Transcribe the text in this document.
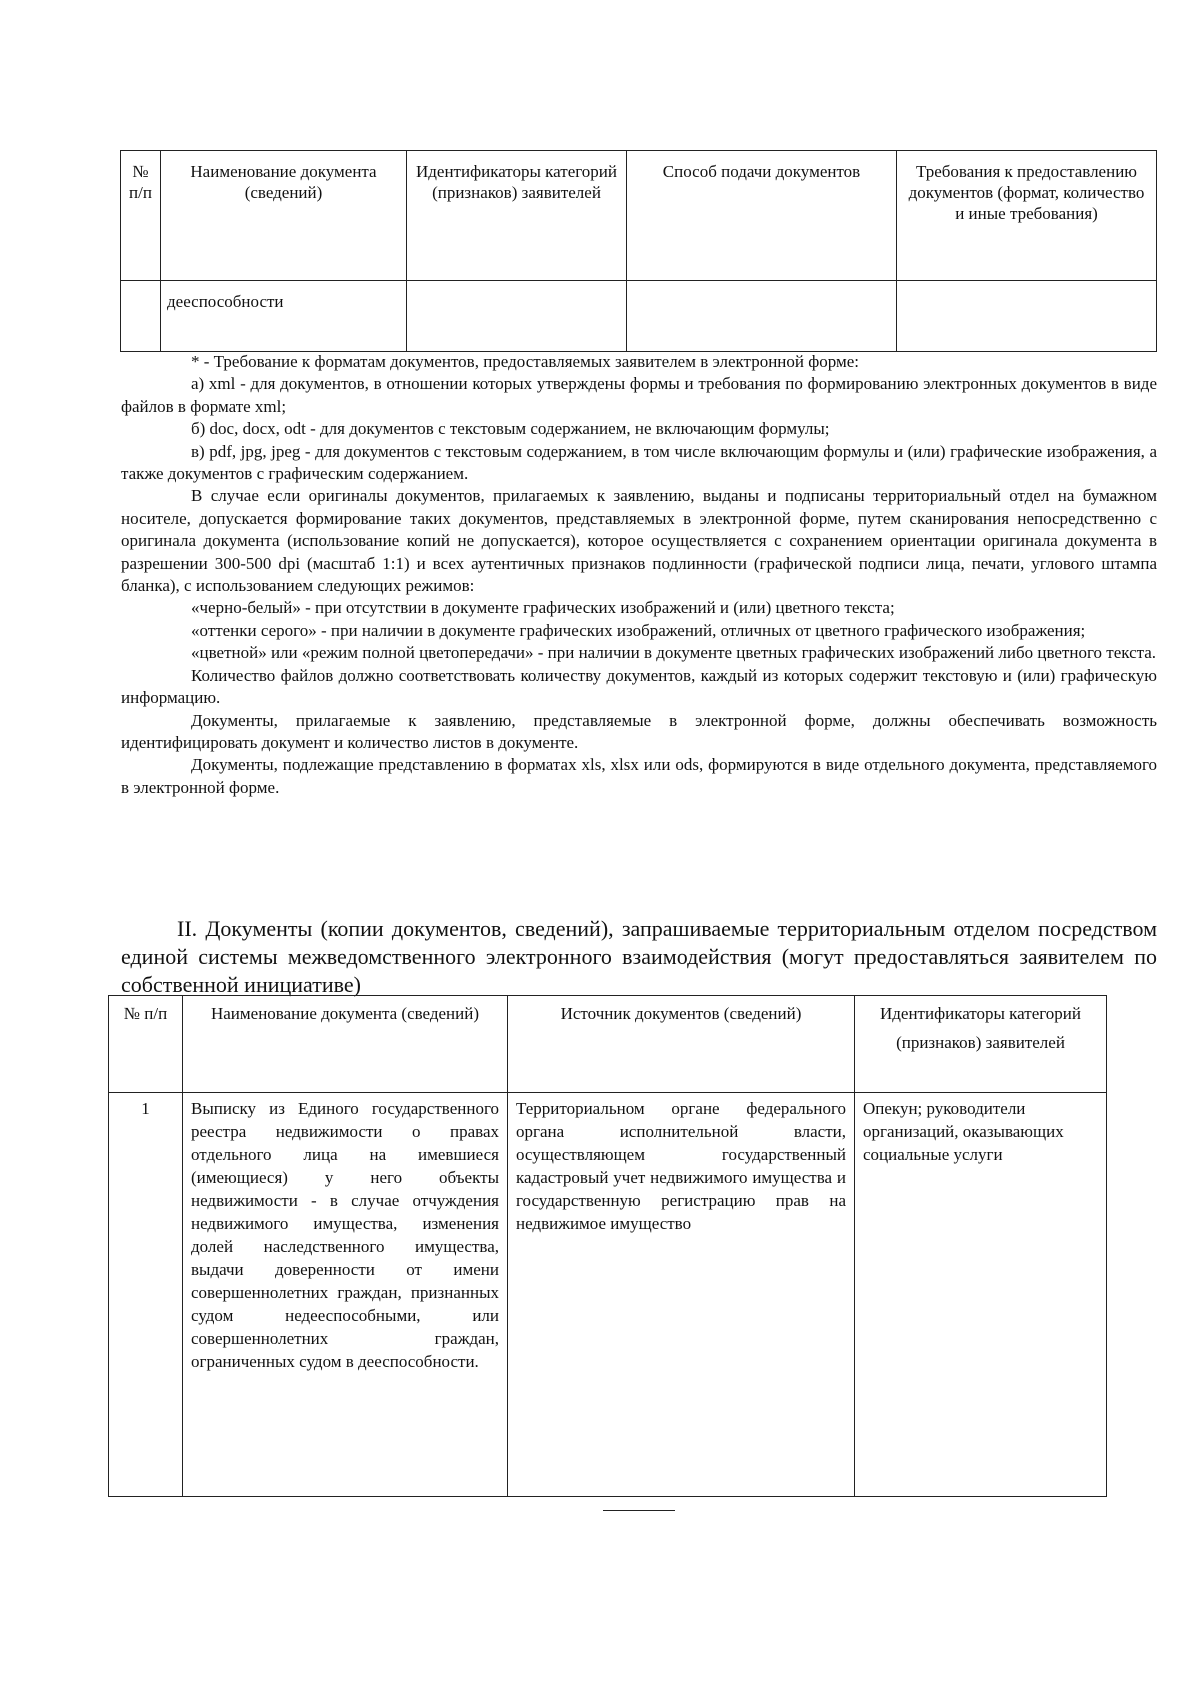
№ п/п	Наименование документа (сведений)	Идентификаторы категорий (признаков) заявителей	Способ подачи документов	Требования к предоставлению документов (формат, количество и иные требования)
	дееспособности			

* - Требование к форматам документов, предоставляемых заявителем в электронной форме:

а) xml - для документов, в отношении которых утверждены формы и требования по формированию электронных документов в виде файлов в формате xml;

б) doc, docx, odt - для документов с текстовым содержанием, не включающим формулы;

в) pdf, jpg, jpeg - для документов с текстовым содержанием, в том числе включающим формулы и (или) графические изображения, а также документов с графическим содержанием.

В случае если оригиналы документов, прилагаемых к заявлению, выданы и подписаны территориальный отдел на бумажном носителе, допускается формирование таких документов, представляемых в электронной форме, путем сканирования непосредственно с оригинала документа (использование копий не допускается), которое осуществляется с сохранением ориентации оригинала документа в разрешении 300-500 dpi (масштаб 1:1) и всех аутентичных признаков подлинности (графической подписи лица, печати, углового штампа бланка), с использованием следующих режимов:

«черно-белый» - при отсутствии в документе графических изображений и (или) цветного текста;

«оттенки серого» - при наличии в документе графических изображений, отличных от цветного графического изображения;

«цветной» или «режим полной цветопередачи» - при наличии в документе цветных графических изображений либо цветного текста.

Количество файлов должно соответствовать количеству документов, каждый из которых содержит текстовую и (или) графическую информацию.

Документы, прилагаемые к заявлению, представляемые в электронной форме, должны обеспечивать возможность идентифицировать документ и количество листов в документе.

Документы, подлежащие представлению в форматах xls, xlsx или ods, формируются в виде отдельного документа, представляемого в электронной форме.

II. Документы (копии документов, сведений), запрашиваемые территориальным отделом посредством единой системы межведомственного электронного взаимодействия (могут предоставляться заявителем по собственной инициативе)
№ п/п	Наименование документа (сведений)	Источник документов (сведений)	Идентификаторы категорий (признаков) заявителей
1	Выписку из Единого государственного реестра недвижимости о правах отдельного лица на имевшиеся (имеющиеся) у него объекты недвижимости - в случае отчуждения недвижимого имущества, изменения долей наследственного имущества, выдачи доверенности от имени совершеннолетних граждан, признанных судом недееспособными, или совершеннолетних граждан, ограниченных судом в дееспособности.	Территориальном органе федерального органа исполнительной власти, осуществляющем государственный кадастровый учет недвижимого имущества и государственную регистрацию прав на недвижимое имущество	Опекун; руководители организаций, оказывающих социальные услуги
